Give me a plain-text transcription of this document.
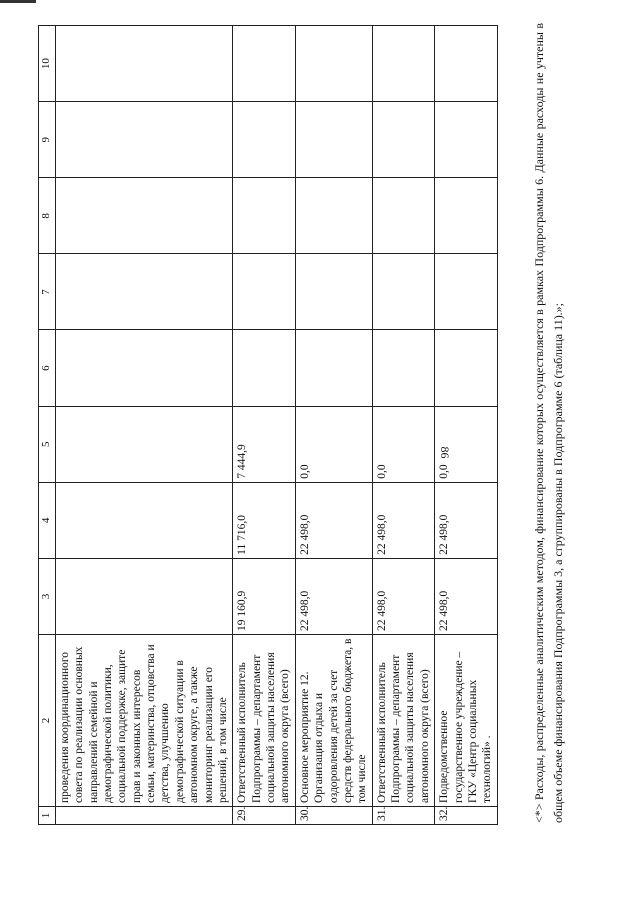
86
1	2	3	4	5	6	7	8	9	10
	проведения координационного совета по реализации основных направлений семейной и демографической политики, социальной поддержке, защите прав и законных интересов семьи, материнства, отцовства и детства, улучшению демографической ситуации в автономном округе, а также мониторинг реализации его решений, в том числе								
29.	Ответственный исполнитель Подпрограммы – департамент социальной защиты населения автономного округа (всего)	19 160,9	11 716,0	7 444,9					
30.	Основное мероприятие 12. Организация отдыха и оздоровления детей за счет средств федерального бюджета, в том числе	22 498,0	22 498,0	0,0					
31.	Ответственный исполнитель Подпрограммы – департамент социальной защиты населения автономного округа (всего)	22 498,0	22 498,0	0,0					
32.	Подведомственное государственное учреждение – ГКУ «Центр социальных технологий» .	22 498,0	22 498,0	0,0						<*> Расходы, распределенные аналитическим методом, финансирование которых осуществляется в рамках Подпрограммы 6. Данные расходы не учтены в общем объеме финансирования Подпрограммы 3, а сгруппированы в Подпрограмме 6 (таблица 11).»;
